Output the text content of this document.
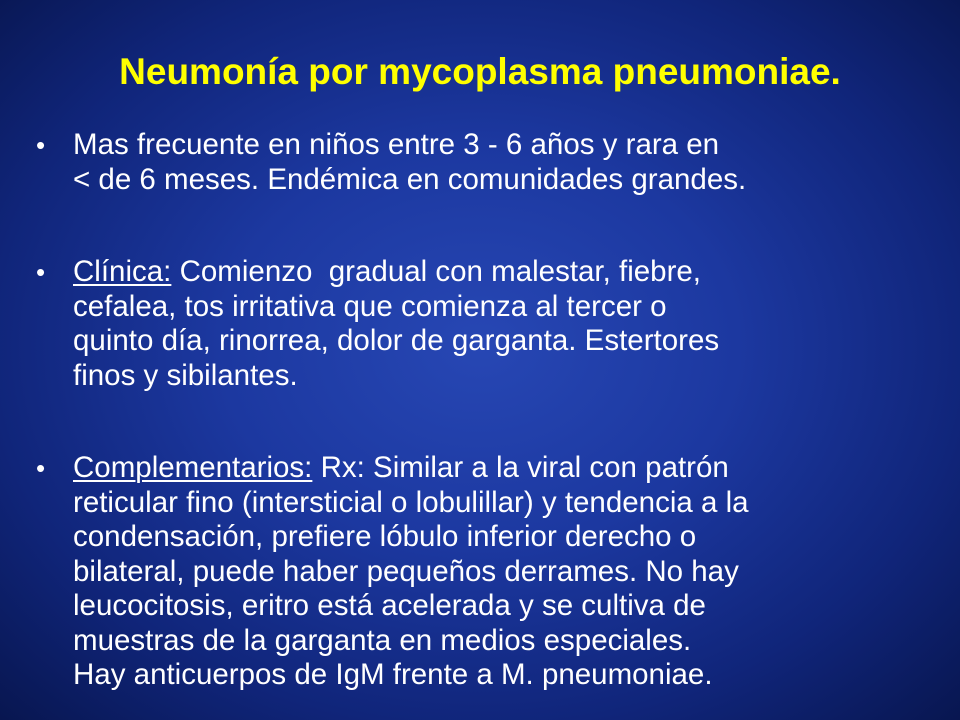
Neumonía por mycoplasma pneumoniae.
• Mas frecuente en niños entre 3 - 6 años y rara en
< de 6 meses. Endémica en comunidades grandes.
• Clínica: Comienzo  gradual con malestar, fiebre,
cefalea, tos irritativa que comienza al tercer o
quinto día, rinorrea, dolor de garganta. Estertores
finos y sibilantes.
• Complementarios: Rx: Similar a la viral con patrón
reticular fino (intersticial o lobulillar) y tendencia a la
condensación, prefiere lóbulo inferior derecho o
bilateral, puede haber pequeños derrames. No hay
leucocitosis, eritro está acelerada y se cultiva de
muestras de la garganta en medios especiales.
Hay anticuerpos de IgM frente a M. pneumoniae.
